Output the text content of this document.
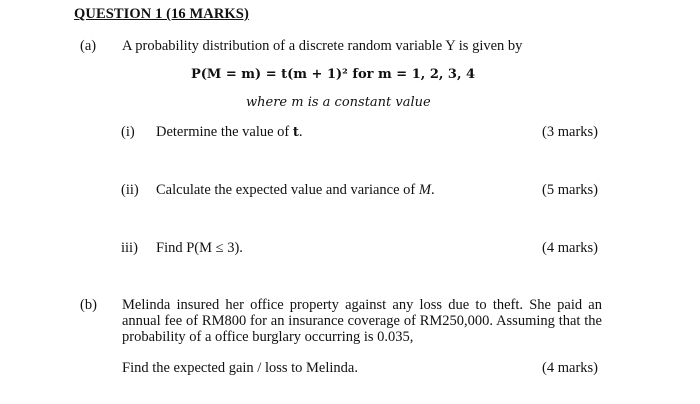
QUESTION 1 (16 MARKS)
(a) A probability distribution of a discrete random variable Y is given by
P(M = m) = t(m + 1)² for m = 1, 2, 3, 4
where m is a constant value
(i) Determine the value of t.	(3 marks)
(ii) Calculate the expected value and variance of M.	(5 marks)
iii) Find P(M ≤ 3).	(4 marks)
(b) Melinda insured her office property against any loss due to theft. She paid an annual fee of RM800 for an insurance coverage of RM250,000. Assuming that the probability of a office burglary occurring is 0.035,
Find the expected gain / loss to Melinda.	(4 marks)
